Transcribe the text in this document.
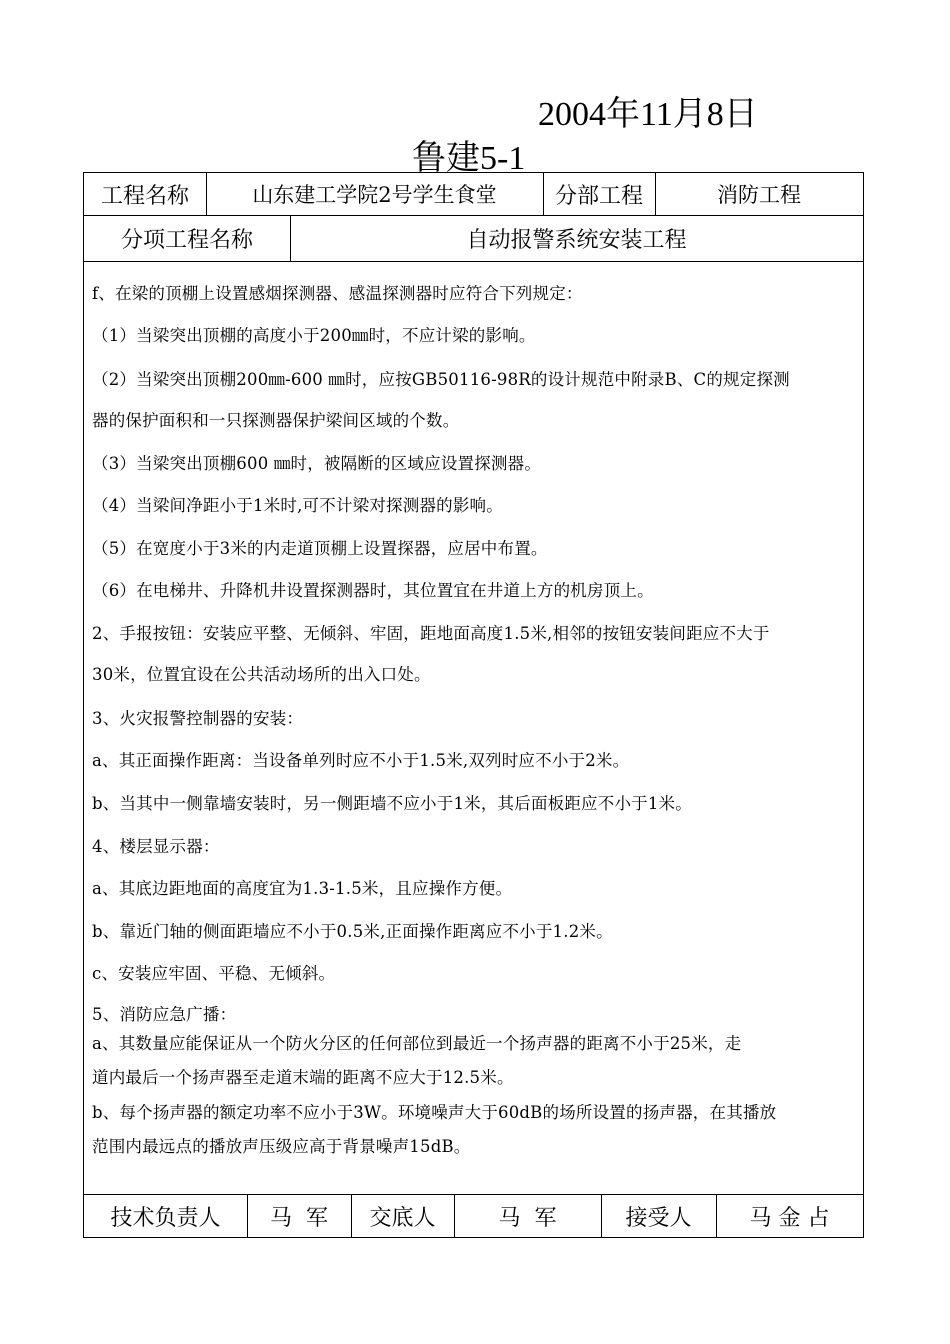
2004年11月8日
鲁建5-1
工程名称	山东建工学院2号学生食堂	分部工程	消防工程
分项工程名称	自动报警系统安装工程
f、在梁的顶棚上设置感烟探测器、感温探测器时应符合下列规定：
（1）当梁突出顶棚的高度小于200㎜时，不应计梁的影响。
（2）当梁突出顶棚200㎜-600 ㎜时，应按GB50116-98R的设计规范中附录B、C的规定探测
器的保护面积和一只探测器保护梁间区域的个数。
（3）当梁突出顶棚600 ㎜时，被隔断的区域应设置探测器。
（4）当梁间净距小于1米时,可不计梁对探测器的影响。
（5）在宽度小于3米的内走道顶棚上设置探器，应居中布置。
（6）在电梯井、升降机井设置探测器时，其位置宜在井道上方的机房顶上。
2、手报按钮：安装应平整、无倾斜、牢固，距地面高度1.5米,相邻的按钮安装间距应不大于
30米，位置宜设在公共活动场所的出入口处。
3、火灾报警控制器的安装：
a、其正面操作距离：当设备单列时应不小于1.5米,双列时应不小于2米。
b、当其中一侧靠墙安装时，另一侧距墙不应小于1米，其后面板距应不小于1米。
4、楼层显示器：
a、其底边距地面的高度宜为1.3-1.5米，且应操作方便。
b、靠近门轴的侧面距墙应不小于0.5米,正面操作距离应不小于1.2米。
c、安装应牢固、平稳、无倾斜。
5、消防应急广播：
a、其数量应能保证从一个防火分区的任何部位到最近一个扬声器的距离不小于25米，走
道内最后一个扬声器至走道末端的距离不应大于12.5米。
b、每个扬声器的额定功率不应小于3W。环境噪声大于60dB的场所设置的扬声器，在其播放
范围内最远点的播放声压级应高于背景噪声15dB。
技术负责人	马  军	交底人	马  军	接受人	马 金 占
